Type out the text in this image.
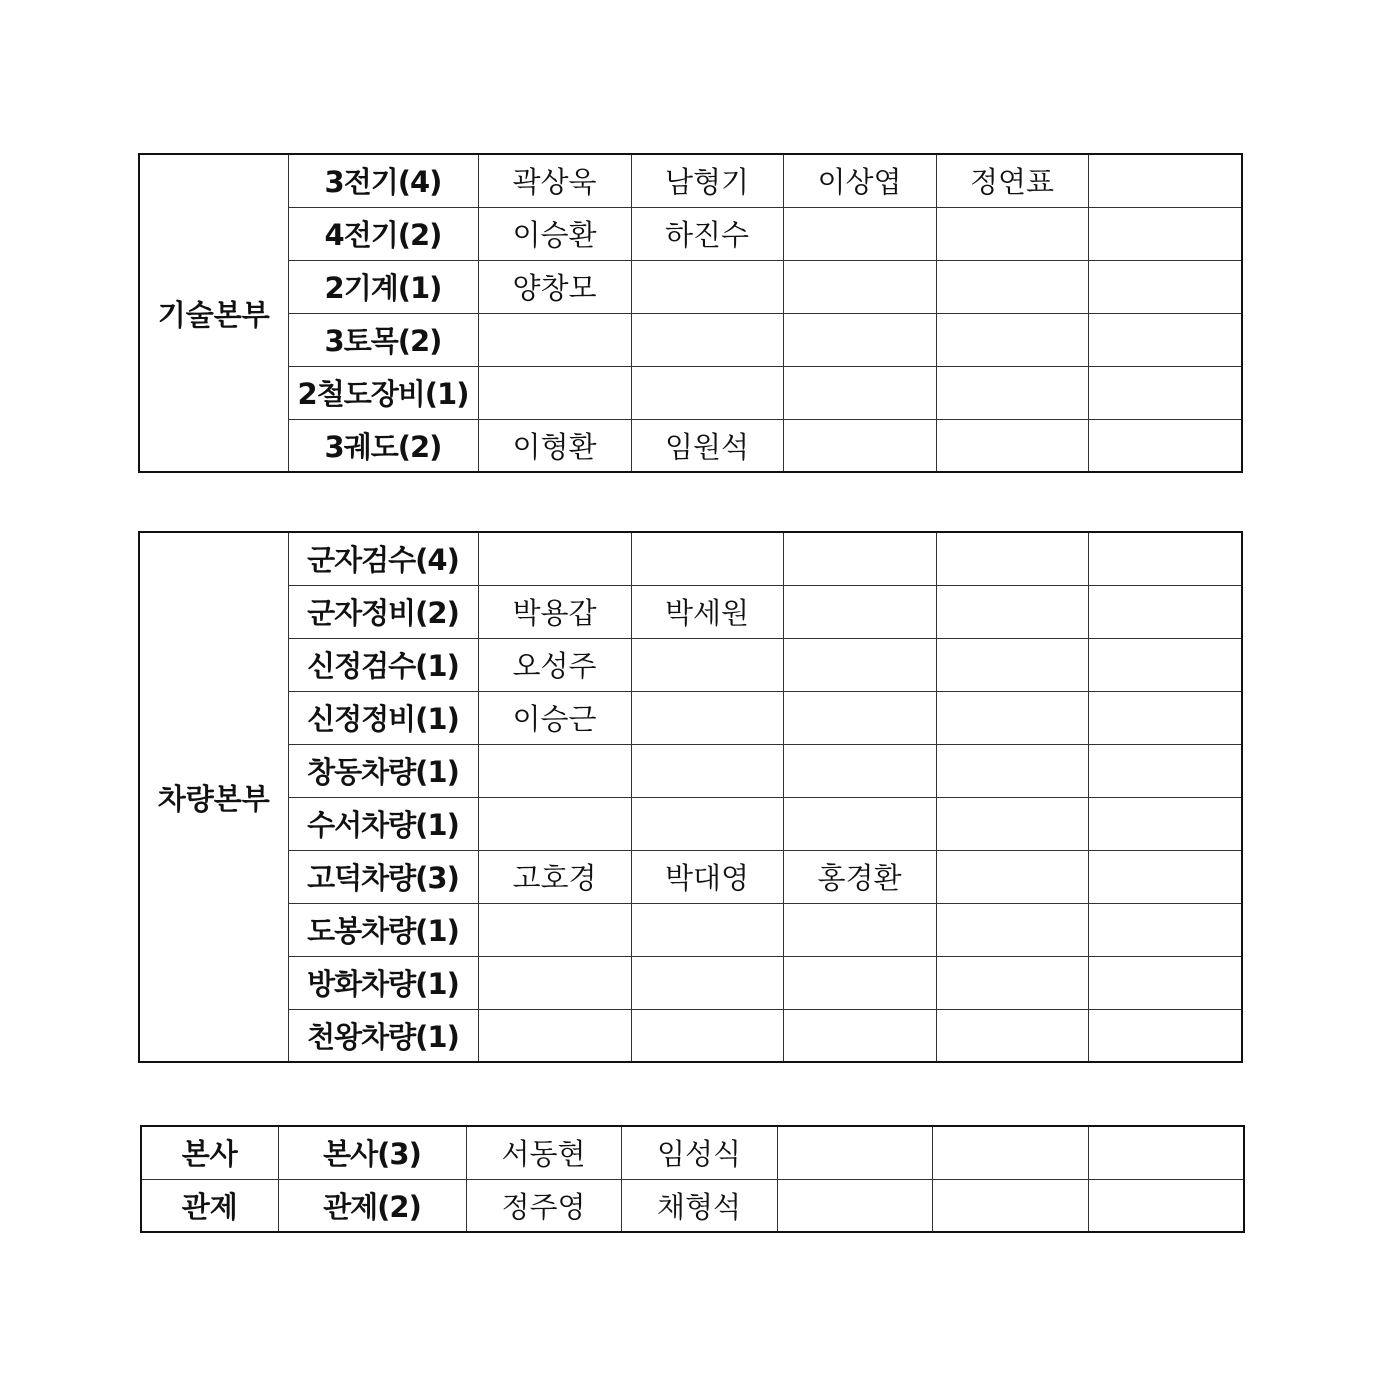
기술본부	3전기(4)	곽상욱	남형기	이상엽	정연표	
	4전기(2)	이승환	하진수			
	2기계(1)	양창모				
	3토목(2)					
	2철도장비(1)					
	3궤도(2)	이형환	임원석			
차량본부	군자검수(4)					
	군자정비(2)	박용갑	박세원			
	신정검수(1)	오성주				
	신정정비(1)	이승근				
	창동차량(1)					
	수서차량(1)					
	고덕차량(3)	고호경	박대영	홍경환		
	도봉차량(1)					
	방화차량(1)					
	천왕차량(1)					
본사	본사(3)	서동현	임성식			
관제	관제(2)	정주영	채형석			
